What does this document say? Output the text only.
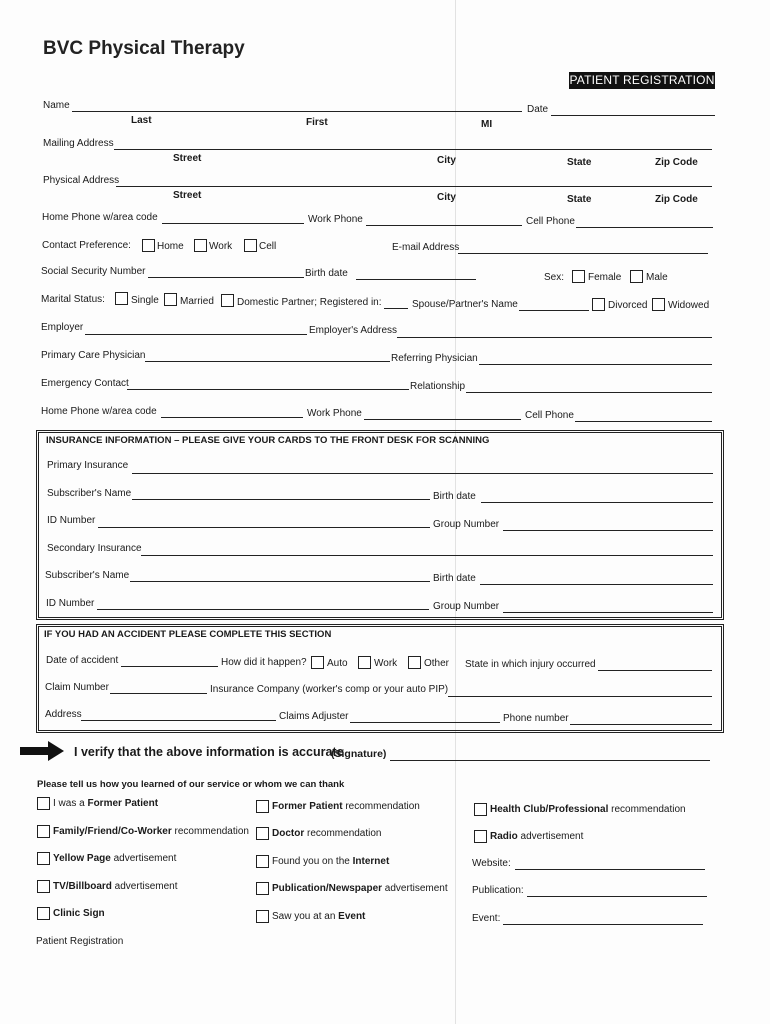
BVC Physical Therapy
PATIENT REGISTRATION
Name	Date
Last	First	MI
Mailing Address
Street	City	State	Zip Code
Physical Address
Street	City	State	Zip Code
Home Phone w/area code	Work Phone	Cell Phone
Contact Preference:	Home	Work	Cell	E-mail Address
Social Security Number	Birth date	Sex: Female Male
Marital Status:	Single Married Domestic Partner; Registered in:	Spouse/Partner's Name	Divorced Widowed
Employer	Employer's Address
Primary Care Physician	Referring Physician
Emergency Contact	Relationship
Home Phone w/area code	Work Phone	Cell Phone
INSURANCE INFORMATION – PLEASE GIVE YOUR CARDS TO THE FRONT DESK FOR SCANNING
Primary Insurance
Subscriber's Name	Birth date
ID Number	Group Number
Secondary Insurance
Subscriber's Name	Birth date
ID Number	Group Number
IF YOU HAD AN ACCIDENT PLEASE COMPLETE THIS SECTION
Date of accident	How did it happen? Auto	Work	Other State in which injury occurred
Claim Number	Insurance Company (worker's comp or your auto PIP)
Address	Claims Adjuster	Phone number
I verify that the above information is accurate
(Signature)
Please tell us how you learned of our service or whom we can thank
I was a Former Patient
Family/Friend/Co-Worker recommendation
Yellow Page advertisement
TV/Billboard advertisement
Clinic Sign
Former Patient recommendation
Doctor recommendation
Found you on the Internet
Publication/Newspaper advertisement
Saw you at an Event
Health Club/Professional recommendation
Radio advertisement
Website:
Publication:
Event:
Patient Registration
